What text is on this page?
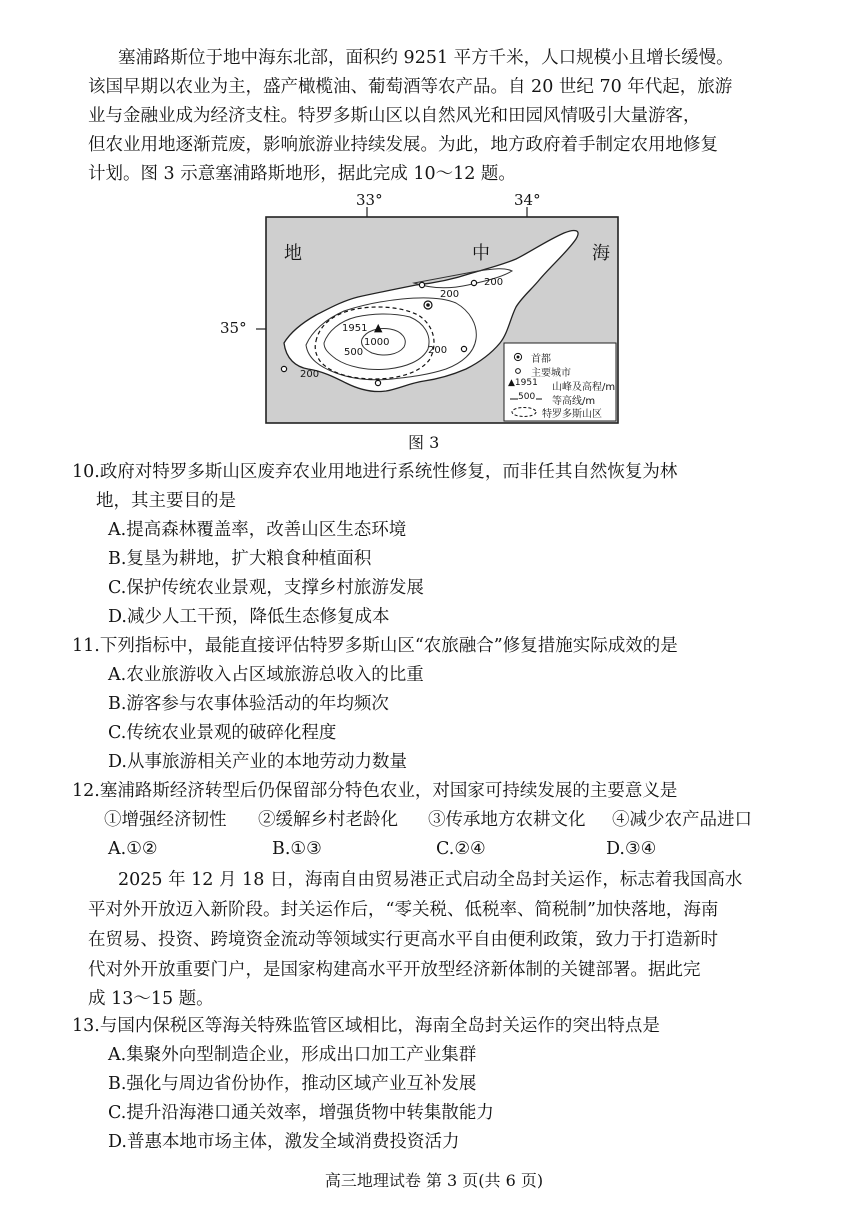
塞浦路斯位于地中海东北部，面积约 9251 平方千米，人口规模小且增长缓慢。
该国早期以农业为主，盛产橄榄油、葡萄酒等农产品。自 20 世纪 70 年代起，旅游
业与金融业成为经济支柱。特罗多斯山区以自然风光和田园风情吸引大量游客，
但农业用地逐渐荒废，影响旅游业持续发展。为此，地方政府着手制定农用地修复
计划。图 3 示意塞浦路斯地形，据此完成 10～12 题。
▲
33°	34°
35°
地	中	海
200
200
200
200
500
1000
1951
首都
主要城市
▲1951 山峰及高程/m
500 等高线/m
特罗多斯山区
图 3
10.政府对特罗多斯山区废弃农业用地进行系统性修复，而非任其自然恢复为林
地，其主要目的是
A.提高森林覆盖率，改善山区生态环境
B.复垦为耕地，扩大粮食种植面积
C.保护传统农业景观，支撑乡村旅游发展
D.减少人工干预，降低生态修复成本
11.下列指标中，最能直接评估特罗多斯山区“农旅融合”修复措施实际成效的是
A.农业旅游收入占区域旅游总收入的比重
B.游客参与农事体验活动的年均频次
C.传统农业景观的破碎化程度
D.从事旅游相关产业的本地劳动力数量
12.塞浦路斯经济转型后仍保留部分特色农业，对国家可持续发展的主要意义是
①增强经济韧性 ②缓解乡村老龄化 ③传承地方农耕文化 ④减少农产品进口
A.①②	B.①③	C.②④	D.③④
2025 年 12 月 18 日，海南自由贸易港正式启动全岛封关运作，标志着我国高水
平对外开放迈入新阶段。封关运作后，“零关税、低税率、简税制”加快落地，海南
在贸易、投资、跨境资金流动等领域实行更高水平自由便利政策，致力于打造新时
代对外开放重要门户，是国家构建高水平开放型经济新体制的关键部署。据此完
成 13～15 题。
13.与国内保税区等海关特殊监管区域相比，海南全岛封关运作的突出特点是
A.集聚外向型制造企业，形成出口加工产业集群
B.强化与周边省份协作，推动区域产业互补发展
C.提升沿海港口通关效率，增强货物中转集散能力
D.普惠本地市场主体，激发全域消费投资活力
高三地理试卷 第 3 页(共 6 页)
